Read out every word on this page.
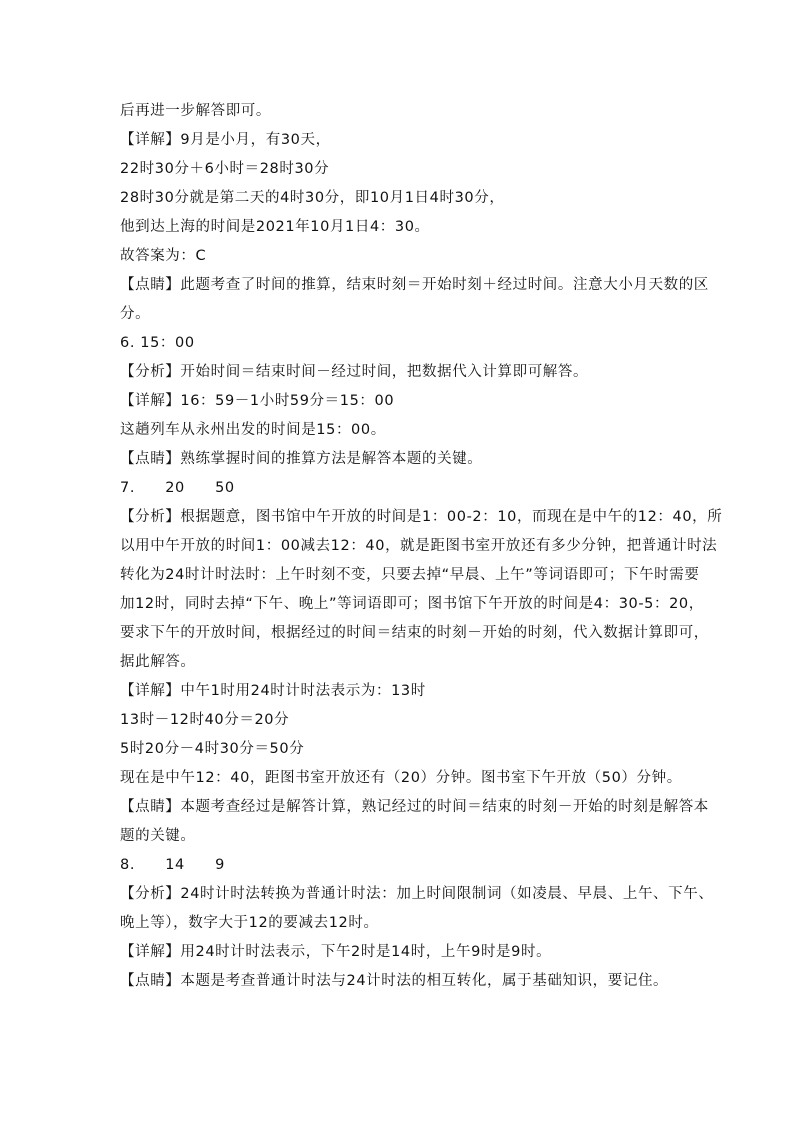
后再进一步解答即可。
【详解】9月是小月，有30天，
22时30分＋6小时＝28时30分
28时30分就是第二天的4时30分，即10月1日4时30分，
他到达上海的时间是2021年10月1日4：30。
故答案为：C
【点睛】此题考查了时间的推算，结束时刻＝开始时刻＋经过时间。注意大小月天数的区
分。
6. 15：00
【分析】开始时间＝结束时间－经过时间，把数据代入计算即可解答。
【详解】16：59－1小时59分＝15：00
这趟列车从永州出发的时间是15：00。
【点睛】熟练掌握时间的推算方法是解答本题的关键。
7.　　20　　50
【分析】根据题意，图书馆中午开放的时间是1：00-2：10，而现在是中午的12：40，所
以用中午开放的时间1：00减去12：40，就是距图书室开放还有多少分钟，把普通计时法
转化为24时计时法时：上午时刻不变，只要去掉“早晨、上午”等词语即可；下午时需要
加12时，同时去掉“下午、晚上”等词语即可；图书馆下午开放的时间是4：30-5：20，
要求下午的开放时间，根据经过的时间＝结束的时刻－开始的时刻，代入数据计算即可，
据此解答。
【详解】中午1时用24时计时法表示为：13时
13时－12时40分＝20分
5时20分－4时30分＝50分
现在是中午12：40，距图书室开放还有（20）分钟。图书室下午开放（50）分钟。
【点睛】本题考查经过是解答计算，熟记经过的时间＝结束的时刻－开始的时刻是解答本
题的关键。
8.　　14　　9
【分析】24时计时法转换为普通计时法：加上时间限制词（如凌晨、早晨、上午、下午、
晚上等），数字大于12的要减去12时。
【详解】用24时计时法表示，下午2时是14时，上午9时是9时。
【点睛】本题是考查普通计时法与24计时法的相互转化，属于基础知识，要记住。
